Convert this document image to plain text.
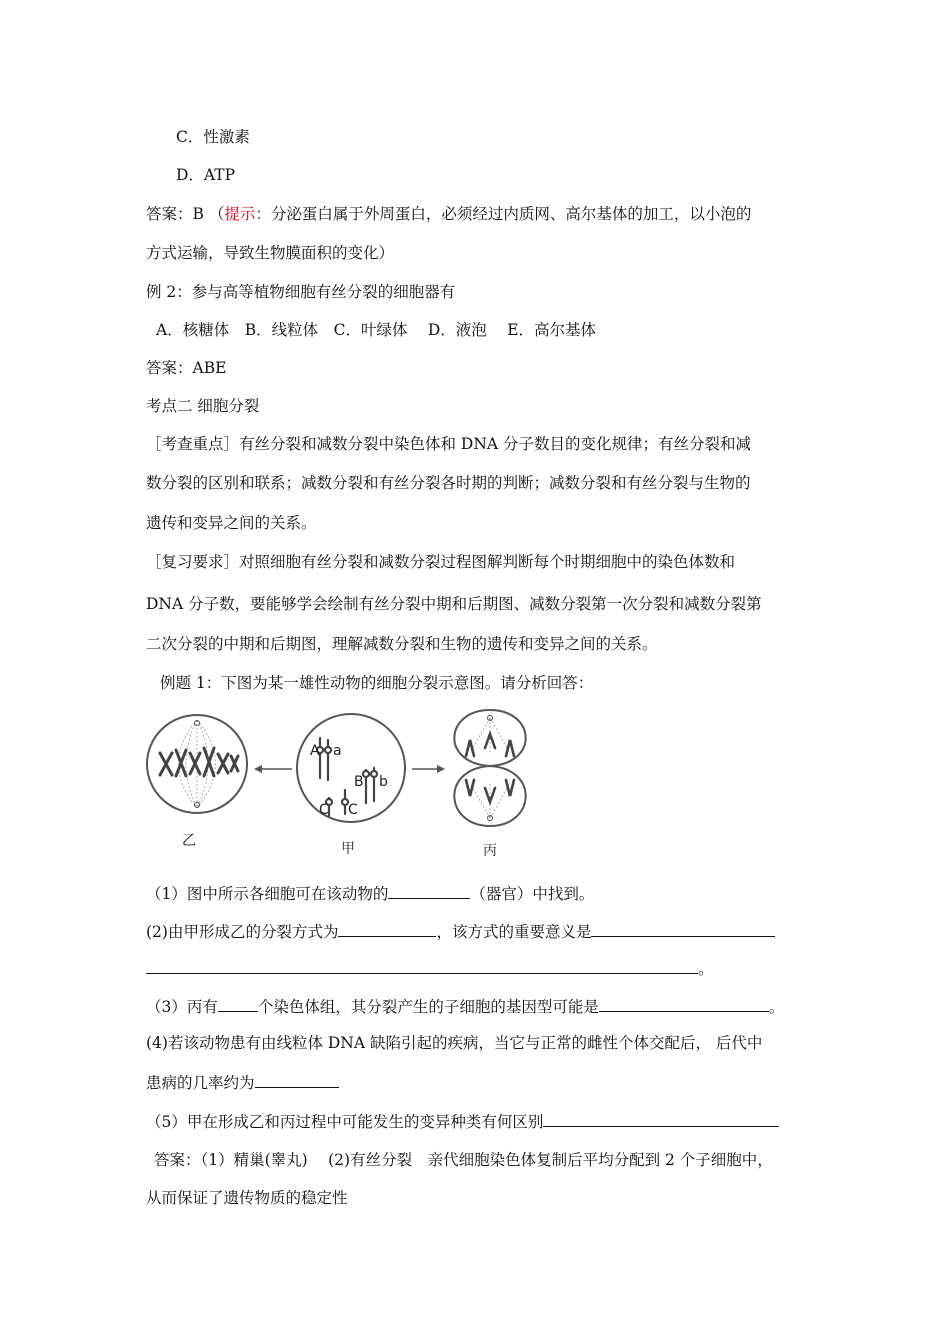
C．性激素
D．ATP
答案：B （提示：分泌蛋白属于外周蛋白，必须经过内质网、高尔基体的加工，以小泡的
方式运输，导致生物膜面积的变化）
例 2：参与高等植物细胞有丝分裂的细胞器有
A．核糖体　B．线粒体　C．叶绿体　 D．液泡　 E．高尔基体
答案：ABE
考点二 细胞分裂
［考查重点］有丝分裂和减数分裂中染色体和 DNA 分子数目的变化规律；有丝分裂和减
数分裂的区别和联系；减数分裂和有丝分裂各时期的判断；减数分裂和有丝分裂与生物的
遗传和变异之间的关系。
［复习要求］对照细胞有丝分裂和减数分裂过程图解判断每个时期细胞中的染色体数和
DNA 分子数，要能够学会绘制有丝分裂中期和后期图、减数分裂第一次分裂和减数分裂第
二次分裂的中期和后期图，理解减数分裂和生物的遗传和变异之间的关系。
例题 1：下图为某一雄性动物的细胞分裂示意图。请分析回答：
A a
B b
C C
乙	甲	丙
（1）图中所示各细胞可在该动物的	（器官）中找到。
(2)由甲形成乙的分裂方式为	，该方式的重要意义是
。
（3）丙有	个染色体组，其分裂产生的子细胞的基因型可能是	。
(4)若该动物患有由线粒体 DNA 缺陷引起的疾病，当它与正常的雌性个体交配后， 后代中
患病的几率约为
（5）甲在形成乙和丙过程中可能发生的变异种类有何区别
答案：（1）精巢(睾丸)　 (2)有丝分裂　亲代细胞染色体复制后平均分配到 2 个子细胞中，
从而保证了遗传物质的稳定性
